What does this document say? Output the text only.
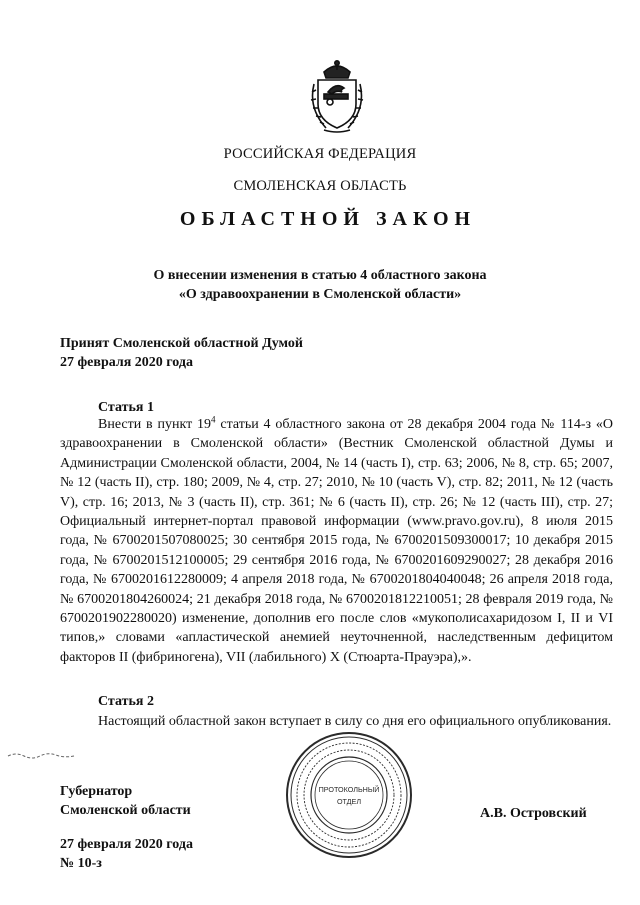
РОССИЙСКАЯ ФЕДЕРАЦИЯ
СМОЛЕНСКАЯ ОБЛАСТЬ
ОБЛАСТНОЙ ЗАКОН
О внесении изменения в статью 4 областного закона
«О здравоохранении в Смоленской области»
Принят Смоленской областной Думой
27 февраля 2020 года
Статья 1
Внести в пункт $19^4$ статьи 4 областного закона от 28 декабря 2004 года № 114-з «О здравоохранении в Смоленской области» (Вестник Смоленской областной Думы и Администрации Смоленской области, 2004, № 14 (часть I), стр. 63; 2006, № 8, стр. 65; 2007, № 12 (часть II), стр. 180; 2009, № 4, стр. 27; 2010, № 10 (часть V), стр. 82; 2011, № 12 (часть V), стр. 16; 2013, № 3 (часть II), стр. 361; № 6 (часть II), стр. 26; № 12 (часть III), стр. 27; Официальный интернет-портал правовой информации (www.pravo.gov.ru), 8 июля 2015 года, № 6700201507080025; 30 сентября 2015 года, № 6700201509300017; 10 декабря 2015 года, № 6700201512100005; 29 сентября 2016 года, № 6700201609290027; 28 декабря 2016 года, № 6700201612280009; 4 апреля 2018 года, № 6700201804040048; 26 апреля 2018 года, № 6700201804260024; 21 декабря 2018 года, № 6700201812210051; 28 февраля 2019 года, № 6700201902280020) изменение, дополнив его после слов «мукополисахаридозом I, II и VI типов,» словами «апластической анемией неуточненной, наследственным дефицитом факторов II (фибриногена), VII (лабильного) X (Стюарта-Прауэра),».
Статья 2
Настоящий областной закон вступает в силу со дня его официального опубликования.
Губернатор
Смоленской области
ПРОТОКОЛЬНЫЙ
ОТДЕЛ
А.В. Островский
27 февраля 2020 года
№ 10-з
